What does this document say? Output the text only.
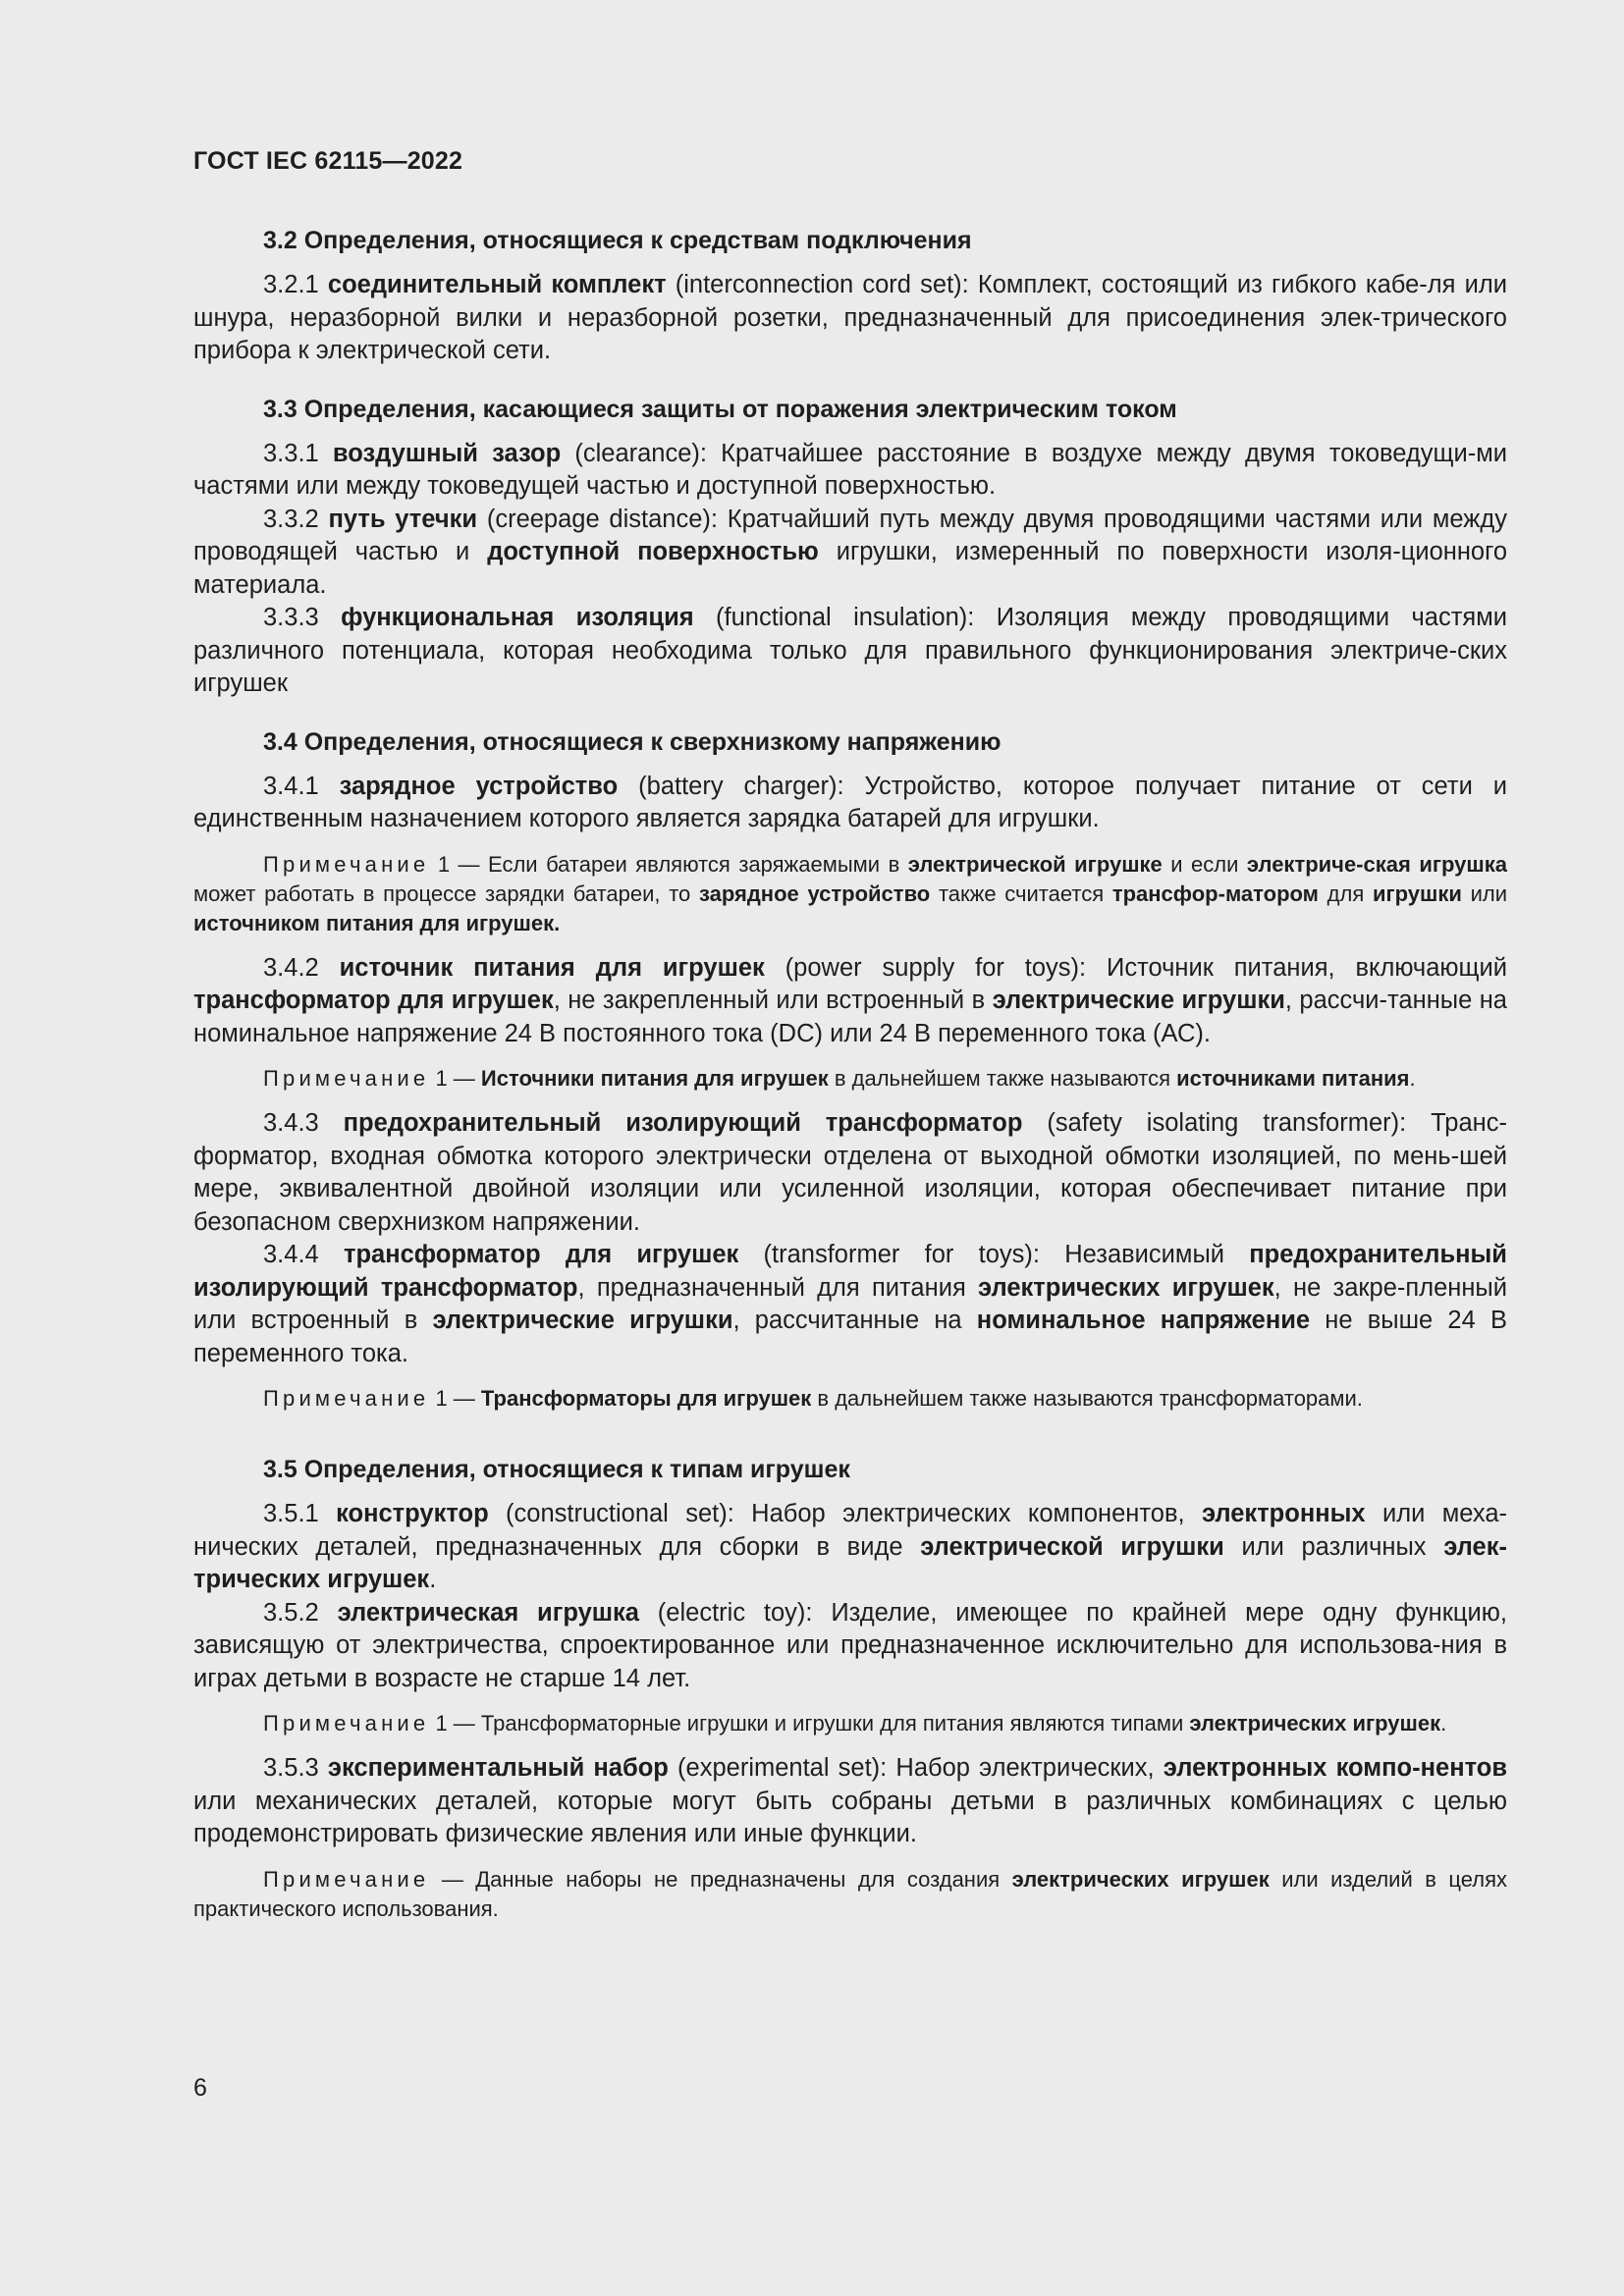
ГОСТ IEC 62115—2022
3.2 Определения, относящиеся к средствам подключения

3.2.1 соединительный комплект (interconnection cord set): Комплект, состоящий из гибкого кабе-ля или шнура, неразборной вилки и неразборной розетки, предназначенный для присоединения элек-трического прибора к электрической сети.

3.3 Определения, касающиеся защиты от поражения электрическим током

3.3.1 воздушный зазор (clearance): Кратчайшее расстояние в воздухе между двумя токоведущи-ми частями или между токоведущей частью и доступной поверхностью.

3.3.2 путь утечки (creepage distance): Кратчайший путь между двумя проводящими частями или между проводящей частью и доступной поверхностью игрушки, измеренный по поверхности изоля-ционного материала.

3.3.3 функциональная изоляция (functional insulation): Изоляция между проводящими частями различного потенциала, которая необходима только для правильного функционирования электриче-ских игрушек

3.4 Определения, относящиеся к сверхнизкому напряжению

3.4.1 зарядное устройство (battery charger): Устройство, которое получает питание от сети и единственным назначением которого является зарядка батарей для игрушки.

Примечание 1 — Если батареи являются заряжаемыми в электрической игрушке и если электриче-ская игрушка может работать в процессе зарядки батареи, то зарядное устройство также считается трансфор-матором для игрушки или источником питания для игрушек.

3.4.2 источник питания для игрушек (power supply for toys): Источник питания, включающий трансформатор для игрушек, не закрепленный или встроенный в электрические игрушки, рассчи-танные на номинальное напряжение 24 В постоянного тока (DC) или 24 В переменного тока (АС).

Примечание 1 — Источники питания для игрушек в дальнейшем также называются источниками питания.

3.4.3 предохранительный изолирующий трансформатор (safety isolating transformer): Транс-форматор, входная обмотка которого электрически отделена от выходной обмотки изоляцией, по мень-шей мере, эквивалентной двойной изоляции или усиленной изоляции, которая обеспечивает питание при безопасном сверхнизком напряжении.

3.4.4 трансформатор для игрушек (transformer for toys): Независимый предохранительный изолирующий трансформатор, предназначенный для питания электрических игрушек, не закре-пленный или встроенный в электрические игрушки, рассчитанные на номинальное напряжение не выше 24 В переменного тока.

Примечание 1 — Трансформаторы для игрушек в дальнейшем также называются трансформаторами.

3.5 Определения, относящиеся к типам игрушек

3.5.1 конструктор (constructional set): Набор электрических компонентов, электронных или меха-нических деталей, предназначенных для сборки в виде электрической игрушки или различных элек-трических игрушек.

3.5.2 электрическая игрушка (electric toy): Изделие, имеющее по крайней мере одну функцию, зависящую от электричества, спроектированное или предназначенное исключительно для использова-ния в играх детьми в возрасте не старше 14 лет.

Примечание 1 — Трансформаторные игрушки и игрушки для питания являются типами электрических игрушек.

3.5.3 экспериментальный набор (experimental set): Набор электрических, электронных компо-нентов или механических деталей, которые могут быть собраны детьми в различных комбинациях с целью продемонстрировать физические явления или иные функции.

Примечание — Данные наборы не предназначены для создания электрических игрушек или изделий в целях практического использования.

6
